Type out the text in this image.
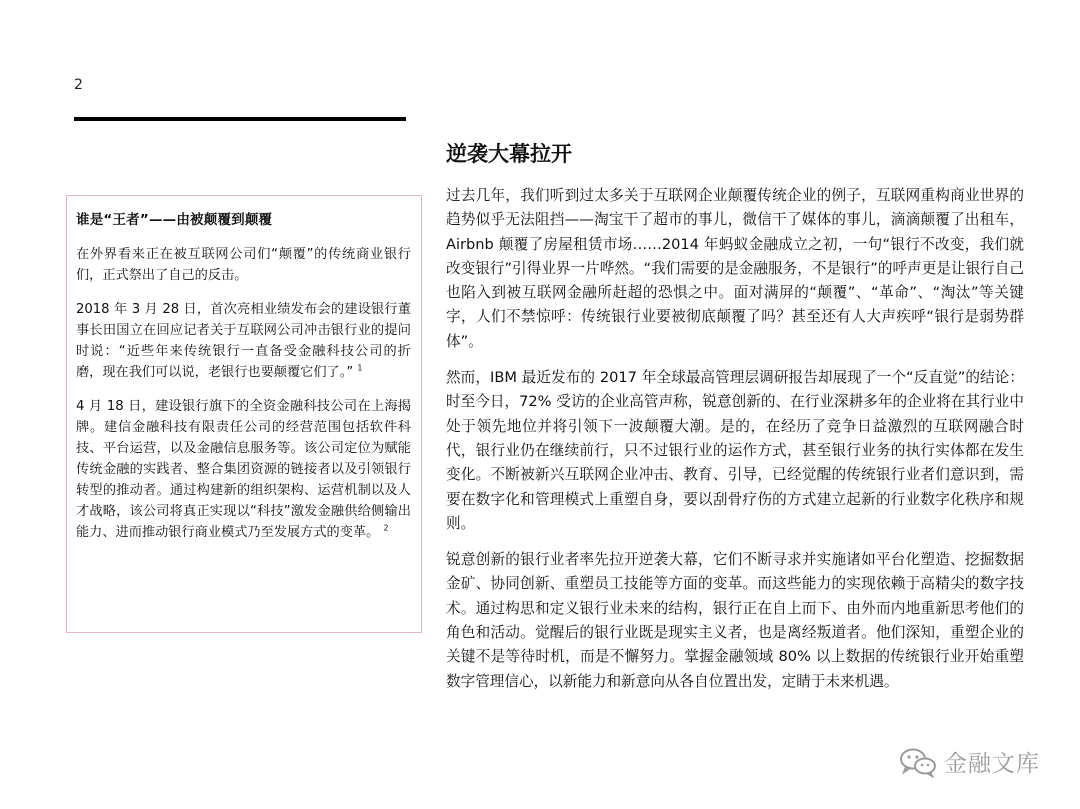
2
谁是“王者”——由被颠覆到颠覆

在外界看来正在被互联网公司们“颠覆”的传统商业银行们，正式祭出了自己的反击。

2018 年 3 月 28 日，首次亮相业绩发布会的建设银行董事长田国立在回应记者关于互联网公司冲击银行业的提问时说：“近些年来传统银行一直备受金融科技公司的折磨，现在我们可以说，老银行也要颠覆它们了。” $^1$

4 月 18 日，建设银行旗下的全资金融科技公司在上海揭牌。建信金融科技有限责任公司的经营范围包括软件科技、平台运营，以及金融信息服务等。该公司定位为赋能传统金融的实践者、整合集团资源的链接者以及引领银行转型的推动者。通过构建新的组织架构、运营机制以及人才战略，该公司将真正实现以“科技”激发金融供给侧输出能力、进而推动银行商业模式乃至发展方式的变革。 $^2$

逆袭大幕拉开

过去几年，我们听到过太多关于互联网企业颠覆传统企业的例子，互联网重构商业世界的趋势似乎无法阻挡——淘宝干了超市的事儿，微信干了媒体的事儿，滴滴颠覆了出租车，Airbnb 颠覆了房屋租赁市场……2014 年蚂蚁金融成立之初，一句“银行不改变，我们就改变银行”引得业界一片哗然。“我们需要的是金融服务，不是银行”的呼声更是让银行自己也陷入到被互联网金融所赶超的恐惧之中。面对满屏的“颠覆”、“革命”、“淘汰”等关键字，人们不禁惊呼：传统银行业要被彻底颠覆了吗？甚至还有人大声疾呼“银行是弱势群体”。

然而，IBM 最近发布的 2017 年全球最高管理层调研报告却展现了一个“反直觉”的结论：时至今日，72% 受访的企业高管声称，锐意创新的、在行业深耕多年的企业将在其行业中处于领先地位并将引领下一波颠覆大潮。是的，在经历了竞争日益激烈的互联网融合时代，银行业仍在继续前行，只不过银行业的运作方式，甚至银行业务的执行实体都在发生变化。不断被新兴互联网企业冲击、教育、引导，已经觉醒的传统银行业者们意识到，需要在数字化和管理模式上重塑自身，要以刮骨疗伤的方式建立起新的行业数字化秩序和规则。

锐意创新的银行业者率先拉开逆袭大幕，它们不断寻求并实施诸如平台化塑造、挖掘数据金矿、协同创新、重塑员工技能等方面的变革。而这些能力的实现依赖于高精尖的数字技术。通过构思和定义银行业未来的结构，银行正在自上而下、由外而内地重新思考他们的角色和活动。觉醒后的银行业既是现实主义者，也是离经叛道者。他们深知，重塑企业的关键不是等待时机，而是不懈努力。掌握金融领域 80% 以上数据的传统银行业开始重塑数字管理信心，以新能力和新意向从各自位置出发，定睛于未来机遇。

金融文库
